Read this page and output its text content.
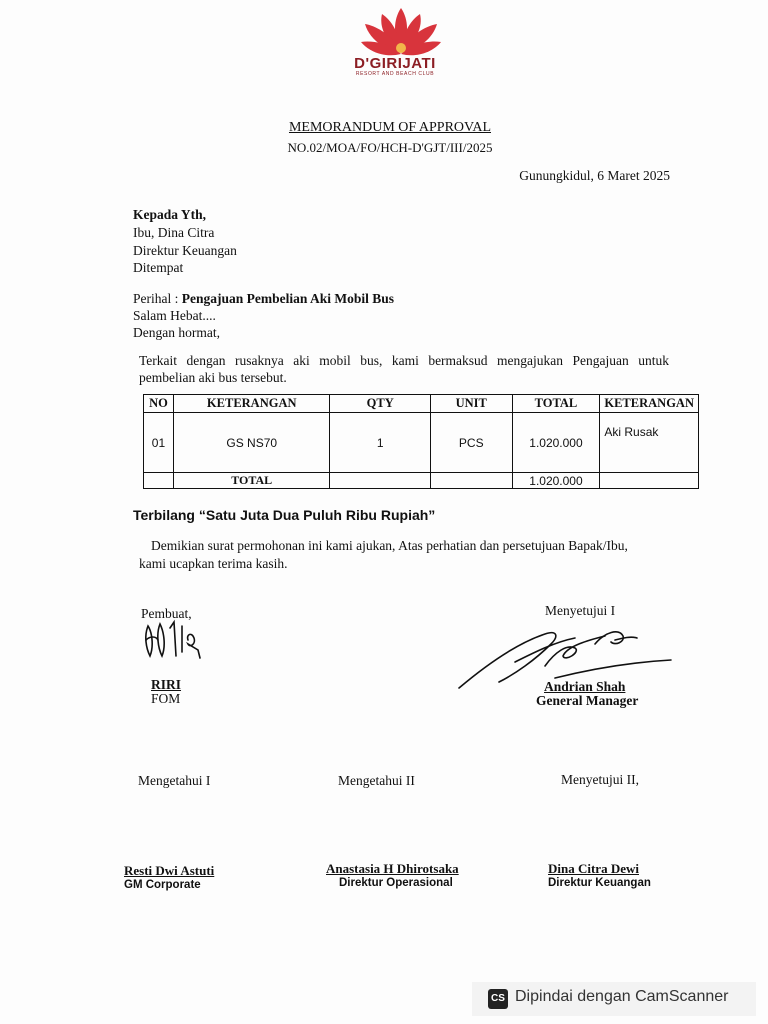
D'GIRIJATI
RESORT AND BEACH CLUB
MEMORANDUM OF APPROVAL
NO.02/MOA/FO/HCH-D'GJT/III/2025
Gunungkidul, 6 Maret 2025
Kepada Yth,
Ibu, Dina Citra
Direktur Keuangan
Ditempat
Perihal : Pengajuan Pembelian Aki Mobil Bus
Salam Hebat....
Dengan hormat,
Terkait dengan rusaknya aki mobil bus, kami bermaksud mengajukan Pengajuan untuk
pembelian aki bus tersebut.
NO	KETERANGAN	QTY	UNIT	TOTAL	KETERANGAN
01	GS NS70	1	PCS	1.020.000	Aki Rusak
	TOTAL			1.020.000	
Terbilang “Satu Juta Dua Puluh Ribu Rupiah”
Demikian surat permohonan ini kami ajukan, Atas perhatian dan persetujuan Bapak/Ibu,
kami ucapkan terima kasih.
Pembuat,
RIRI
FOM
Menyetujui I
Andrian Shah
General Manager
Mengetahui I	Mengetahui II	Menyetujui II,
Resti Dwi Astuti
GM Corporate
Anastasia H Dhirotsaka
Direktur Operasional
Dina Citra Dewi
Direktur Keuangan
CS Dipindai dengan CamScanner
